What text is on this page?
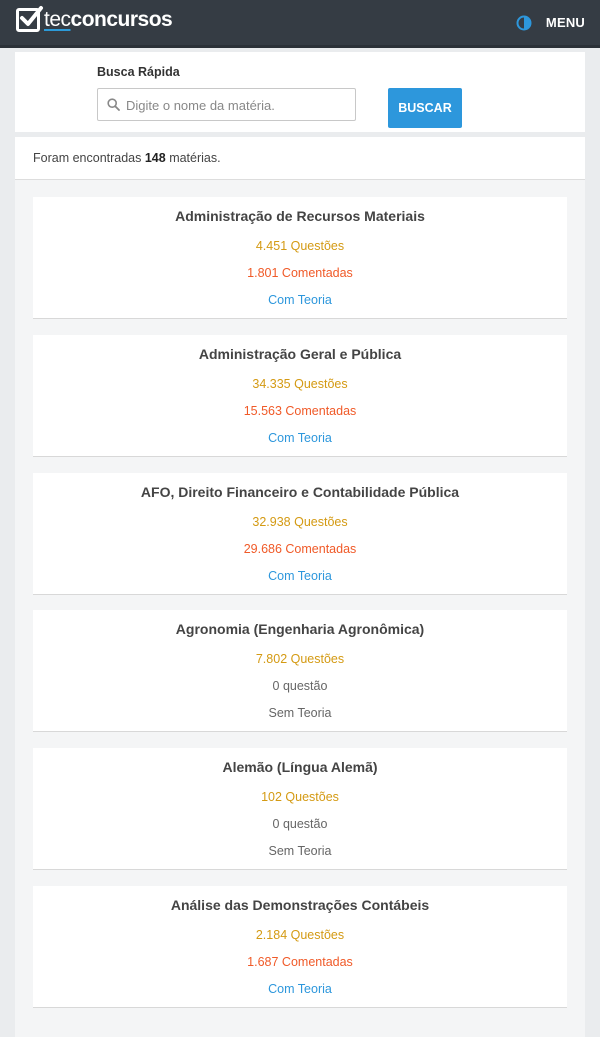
tecconcursos	MENU
Busca Rápida
Digite o nome da matéria.
BUSCAR
Foram encontradas 148 matérias.
Administração de Recursos Materiais
4.451 Questões
1.801 Comentadas
Com Teoria
Administração Geral e Pública
34.335 Questões
15.563 Comentadas
Com Teoria
AFO, Direito Financeiro e Contabilidade Pública
32.938 Questões
29.686 Comentadas
Com Teoria
Agronomia (Engenharia Agronômica)
7.802 Questões
0 questão
Sem Teoria
Alemão (Língua Alemã)
102 Questões
0 questão
Sem Teoria
Análise das Demonstrações Contábeis
2.184 Questões
1.687 Comentadas
Com Teoria
